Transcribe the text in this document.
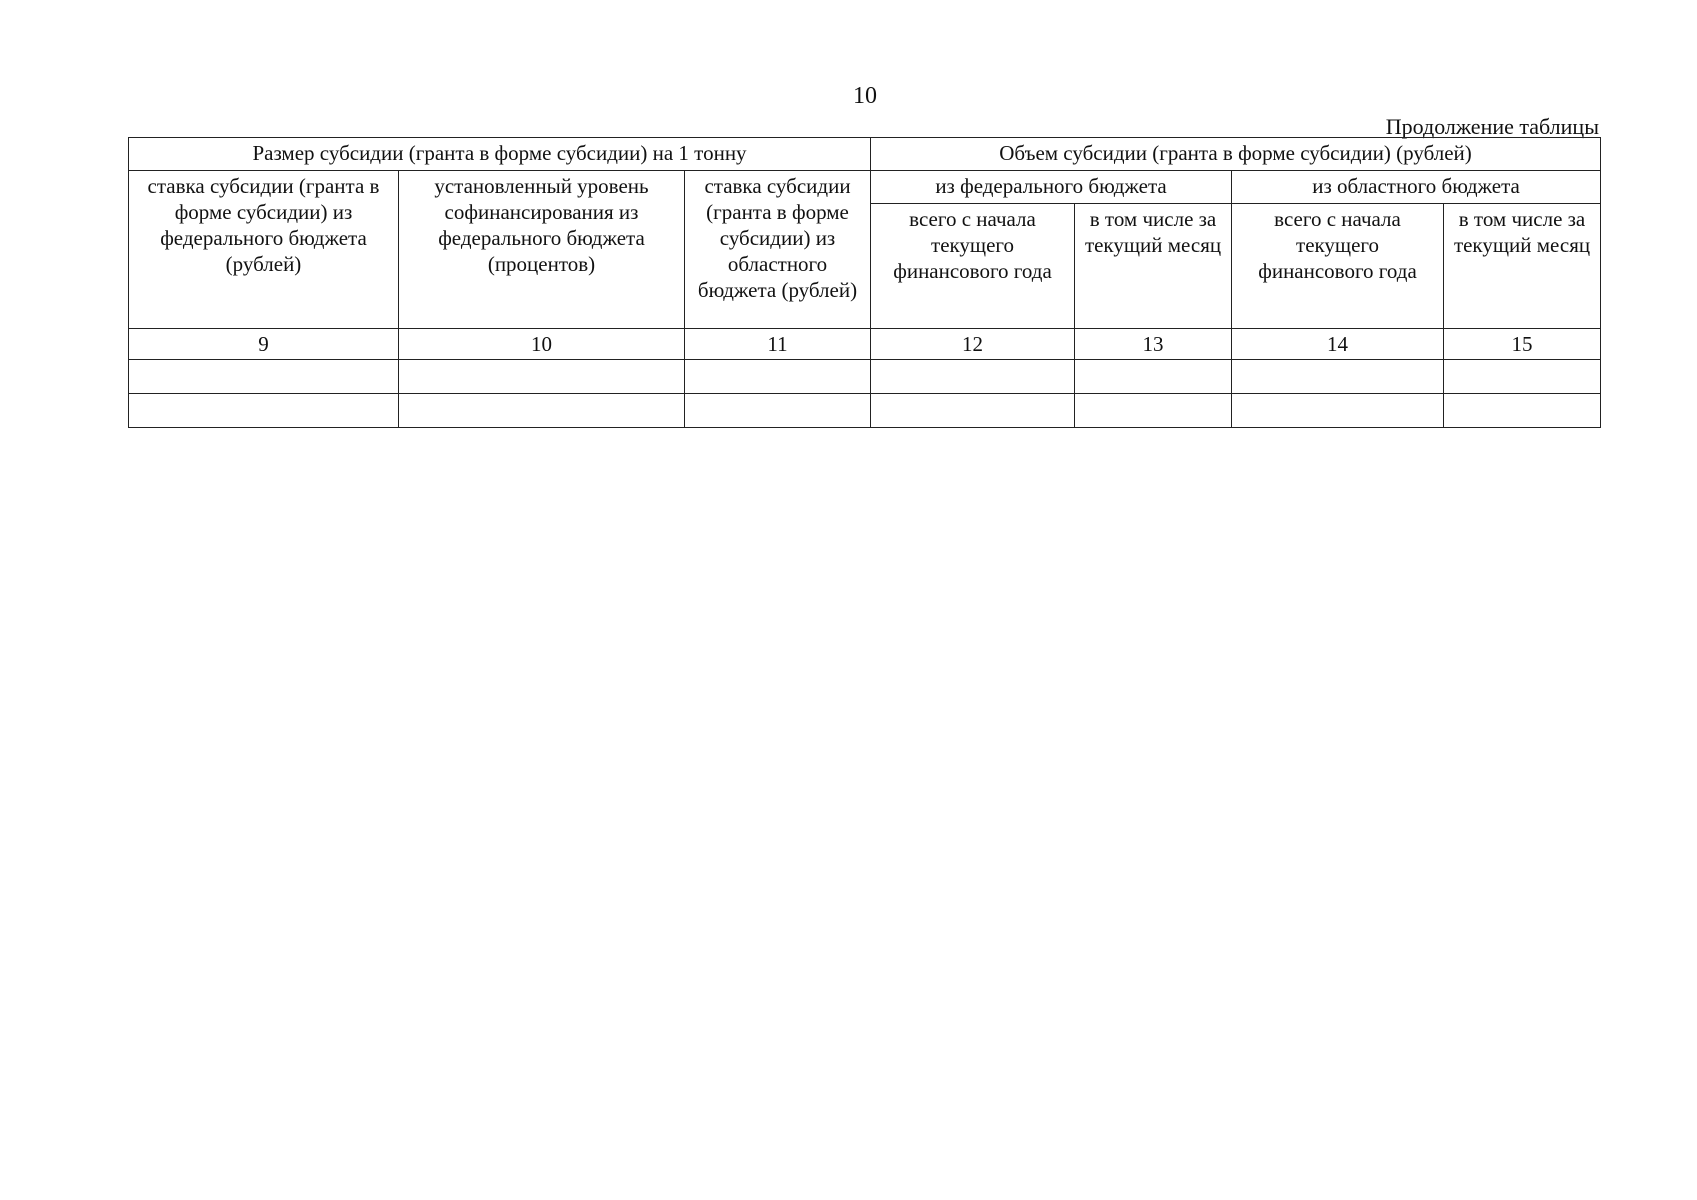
10
Продолжение таблицы
Размер субсидии (гранта в форме субсидии) на 1 тонну			Объем субсидии (гранта в форме субсидии) (рублей)			
ставка субсидии (гранта в форме субсидии) из федерального бюджета (рублей)	установленный уровень софинансирования из федерального бюджета (процентов)	ставка субсидии (гранта в форме субсидии) из областного бюджета (рублей)	из федерального бюджета		из областного бюджета	
			всего с начала текущего финансового года	в том числе за текущий месяц	всего с начала текущего финансового года	в том числе за текущий месяц
9	10	11	12	13	14	15
